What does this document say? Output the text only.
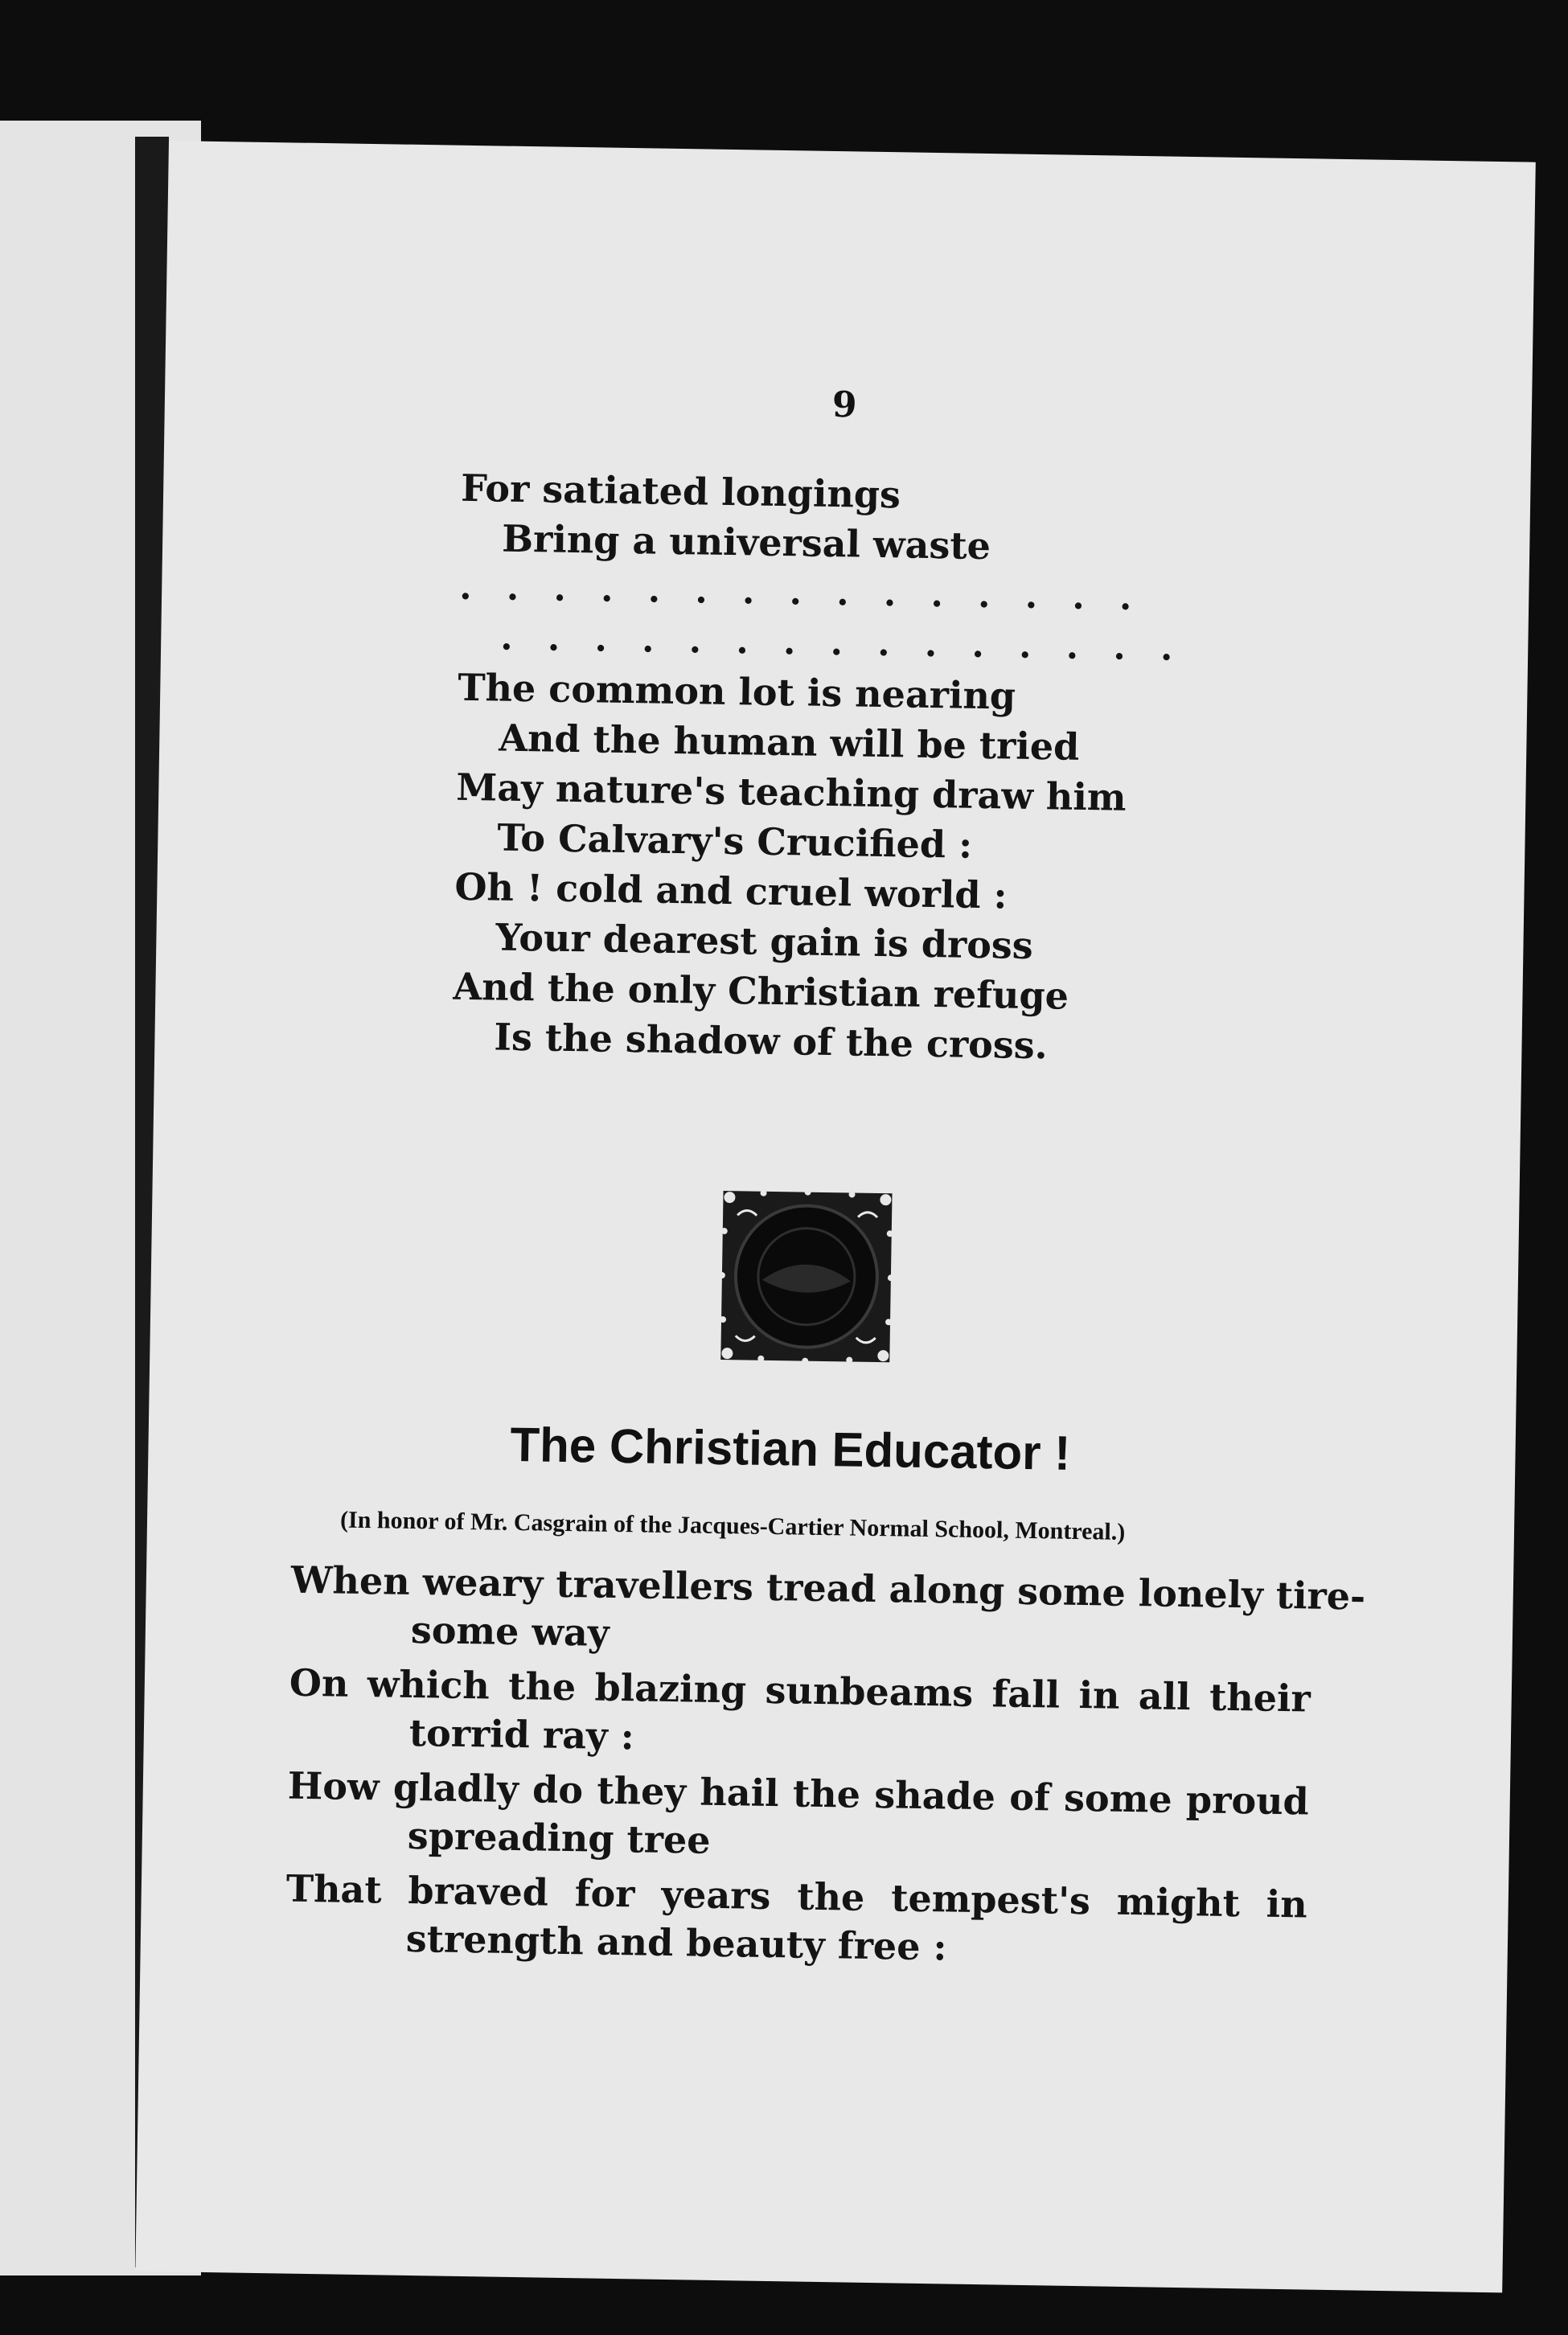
9
For satiated longings
Bring a universal waste
. . . . . . . . . . . . . . .
. . . . . . . . . . . . . . .
The common lot is nearing
And the human will be tried
May nature's teaching draw him
To Calvary's Crucified :
Oh ! cold and cruel world :
Your dearest gain is dross
And the only Christian refuge
Is the shadow of the cross.
The Christian Educator !
(In honor of Mr. Casgrain of the Jacques-Cartier Normal School, Montreal.)
When weary travellers tread along some lonely tire-
some way
On which the blazing sunbeams fall in all their
torrid ray :
How gladly do they hail the shade of some proud
spreading tree
That braved for years the tempest's might in
strength and beauty free :
